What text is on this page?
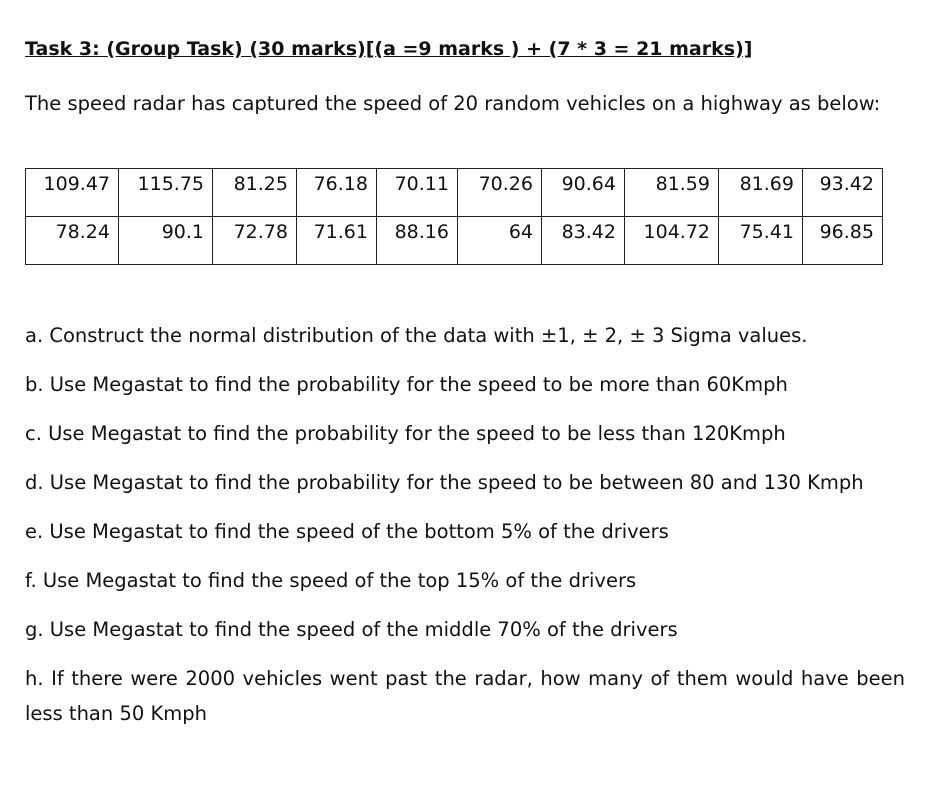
Task 3: (Group Task) (30 marks)[(a =9 marks ) + (7 * 3 = 21 marks)]
The speed radar has captured the speed of 20 random vehicles on a highway as below:
109.47	115.75	81.25	76.18	70.11	70.26	90.64	81.59	81.69	93.42
78.24	90.1	72.78	71.61	88.16	64	83.42	104.72	75.41	96.85

a. Construct the normal distribution of the data with ±1, ± 2, ± 3 Sigma values.

b. Use Megastat to find the probability for the speed to be more than 60Kmph

c. Use Megastat to find the probability for the speed to be less than 120Kmph

d. Use Megastat to find the probability for the speed to be between 80 and 130 Kmph

e. Use Megastat to find the speed of the bottom 5% of the drivers

f. Use Megastat to find the speed of the top 15% of the drivers

g. Use Megastat to find the speed of the middle 70% of the drivers

h. If there were 2000 vehicles went past the radar, how many of them would have been less than 50 Kmph
